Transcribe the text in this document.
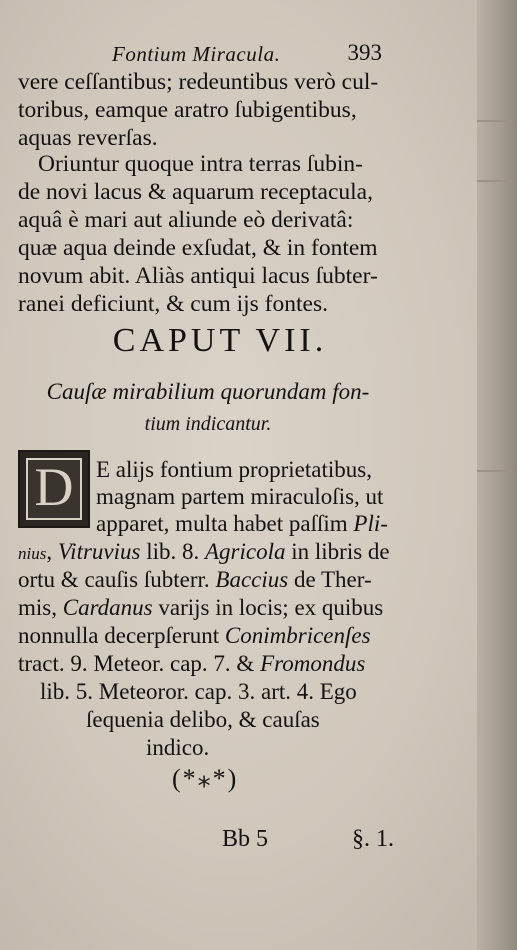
Fontium Miracula.	393
vere ceſſantibus; redeuntibus verò cul-
toribus, eamque aratro ſubigentibus,
aquas reverſas.
Oriuntur quoque intra terras ſubin-
de novi lacus & aquarum receptacula,
aquâ è mari aut aliunde eò derivatâ:
quæ aqua deinde exſudat, & in fontem
novum abit. Aliàs antiqui lacus ſubter-
ranei deficiunt, & cum iјs fontes.
CAPUT VII.
Cauſæ mirabilium quorundam fon-
tium indicantur.
D E alijs fontium proprietatibus,
magnam partem miraculoſis, ut
apparet, multa habet paſſim Pli-
nius, Vitruvius lib. 8. Agricola in libris de
ortu & cauſis ſubterr. Baccius de Ther-
mis, Cardanus varijs in locis; ex quibus
nonnulla decerpſerunt Conimbricenſes
tract. 9. Meteor. cap. 7. & Fromondus
lib. 5. Meteoror. cap. 3. art. 4. Ego
ſequenia delibo, & cauſas
indico.
(*⁎*)
Bb 5	§. 1.
